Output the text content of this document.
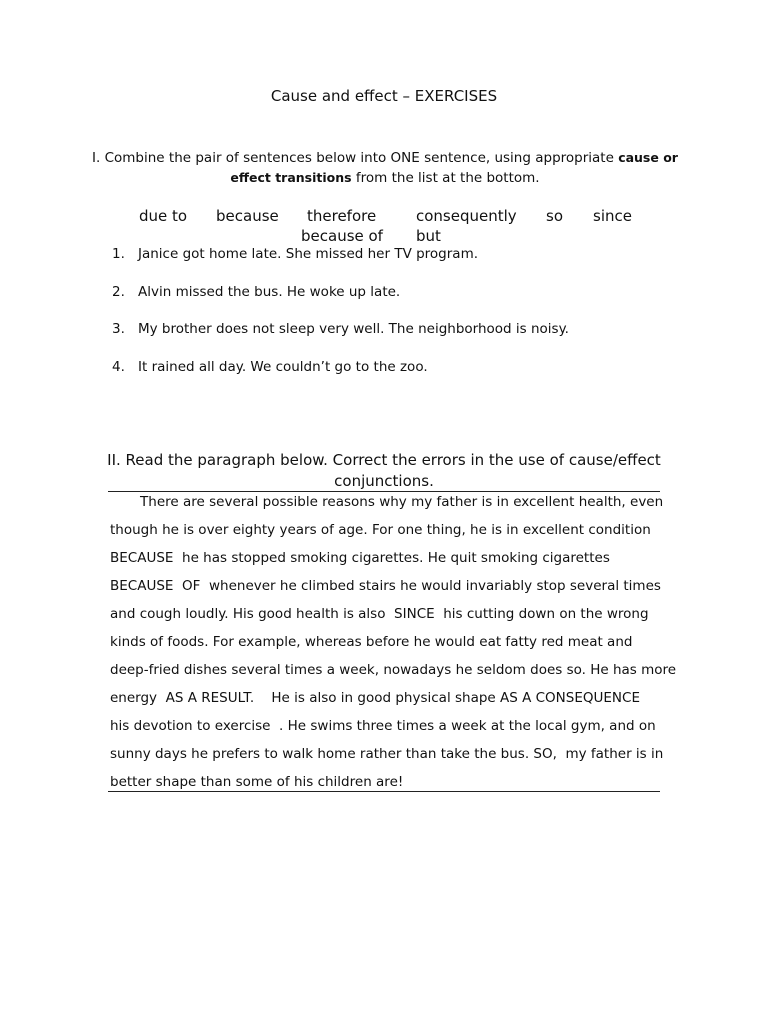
Cause and effect – EXERCISES
I. Combine the pair of sentences below into ONE sentence, using appropriate cause or effect transitions from the list at the bottom.
due to because therefore	consequently so since
because of but
1. Janice got home late. She missed her TV program.
2. Alvin missed the bus. He woke up late.
3. My brother does not sleep very well. The neighborhood is noisy.
4. It rained all day. We couldn’t go to the zoo.
II. Read the paragraph below. Correct the errors in the use of cause/effect conjunctions.
There are several possible reasons why my father is in excellent health, even
though he is over eighty years of age. For one thing, he is in excellent condition
BECAUSE  he has stopped smoking cigarettes. He quit smoking cigarettes
BECAUSE  OF  whenever he climbed stairs he would invariably stop several times
and cough loudly. His good health is also  SINCE  his cutting down on the wrong
kinds of foods. For example, whereas before he would eat fatty red meat and
deep-fried dishes several times a week, nowadays he seldom does so. He has more
energy  AS A RESULT.    He is also in good physical shape AS A CONSEQUENCE
his devotion to exercise  . He swims three times a week at the local gym, and on
sunny days he prefers to walk home rather than take the bus. SO,  my father is in
better shape than some of his children are!
